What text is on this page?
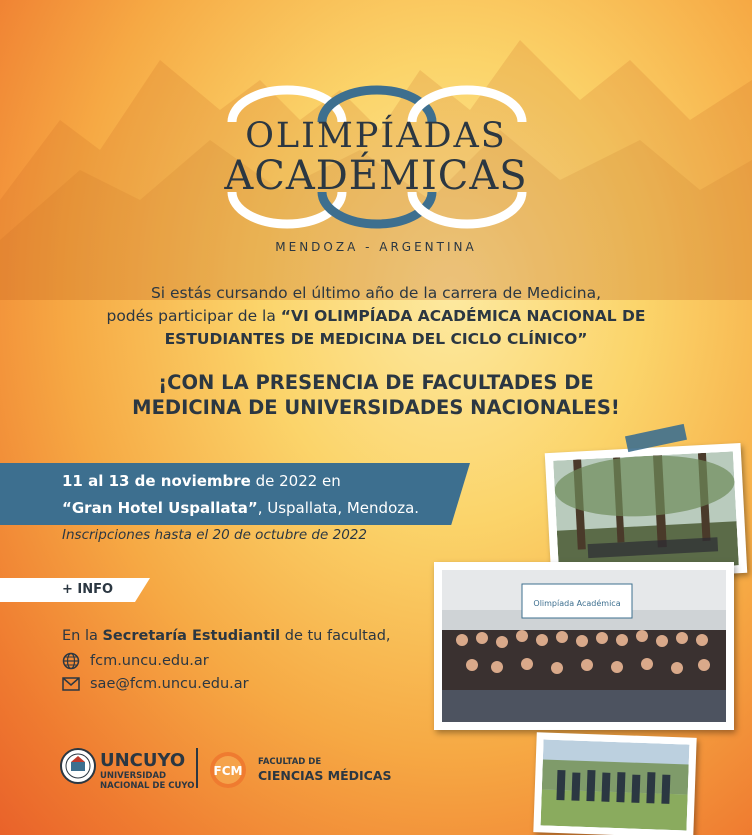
OLIMPÍADAS
ACADÉMICAS
MENDOZA - ARGENTINA
Si estás cursando el último año de la carrera de Medicina,
podés participar de la “VI OLIMPÍADA ACADÉMICA NACIONAL DE
ESTUDIANTES DE MEDICINA DEL CICLO CLÍNICO”
¡CON LA PRESENCIA DE FACULTADES DE
MEDICINA DE UNIVERSIDADES NACIONALES!
11 al 13 de noviembre de 2022 en
“Gran Hotel Uspallata”, Uspallata, Mendoza.
Inscripciones hasta el 20 de octubre de 2022
+ INFO
En la Secretaría Estudiantil de tu facultad,
fcm.uncu.edu.ar
sae@fcm.uncu.edu.ar
UNCUYO
UNIVERSIDAD
NACIONAL DE CUYO
FCM
FACULTAD DE
CIENCIAS MÉDICAS
Olimpíada Académica
